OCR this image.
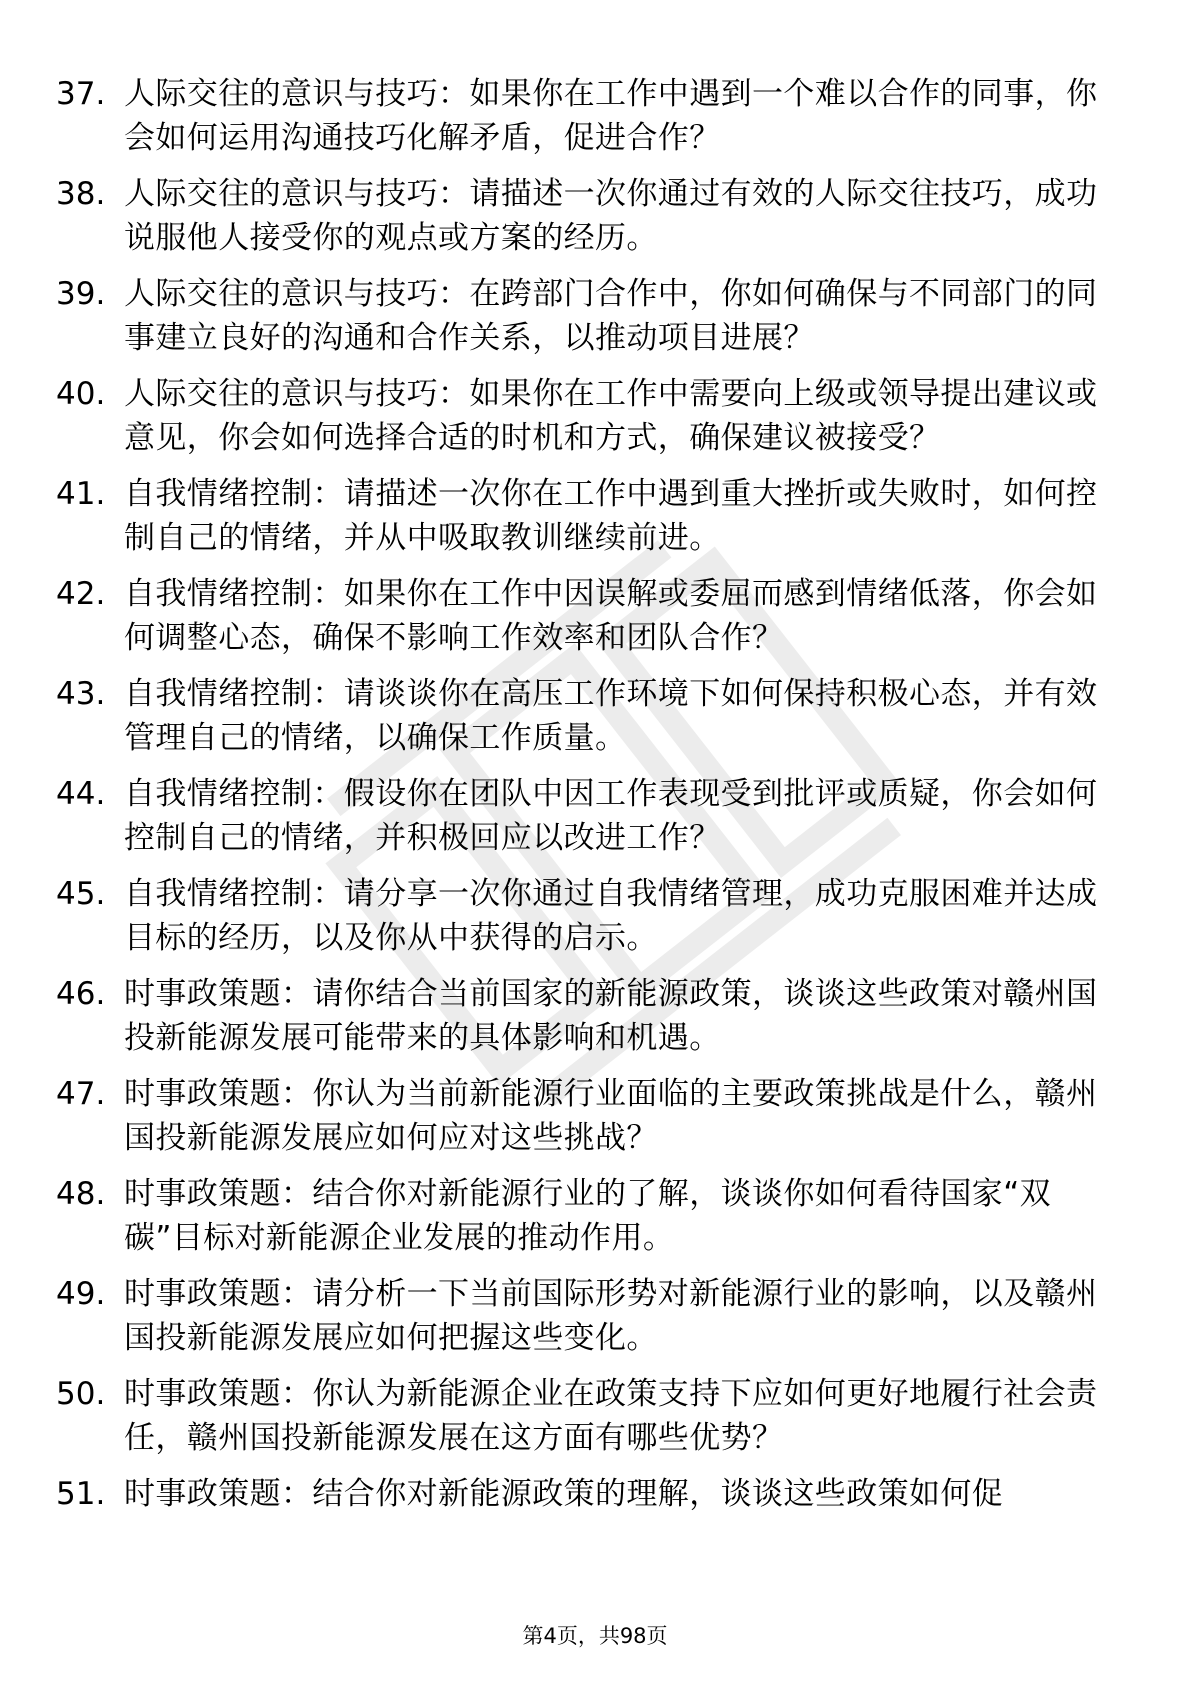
37. 人际交往的意识与技巧：如果你在工作中遇到一个难以合作的同事，你会如何运用沟通技巧化解矛盾，促进合作？
38. 人际交往的意识与技巧：请描述一次你通过有效的人际交往技巧，成功说服他人接受你的观点或方案的经历。
39. 人际交往的意识与技巧：在跨部门合作中，你如何确保与不同部门的同事建立良好的沟通和合作关系，以推动项目进展？
40. 人际交往的意识与技巧：如果你在工作中需要向上级或领导提出建议或意见，你会如何选择合适的时机和方式，确保建议被接受？
41. 自我情绪控制：请描述一次你在工作中遇到重大挫折或失败时，如何控制自己的情绪，并从中吸取教训继续前进。
42. 自我情绪控制：如果你在工作中因误解或委屈而感到情绪低落，你会如何调整心态，确保不影响工作效率和团队合作？
43. 自我情绪控制：请谈谈你在高压工作环境下如何保持积极心态，并有效管理自己的情绪，以确保工作质量。
44. 自我情绪控制：假设你在团队中因工作表现受到批评或质疑，你会如何控制自己的情绪，并积极回应以改进工作？
45. 自我情绪控制：请分享一次你通过自我情绪管理，成功克服困难并达成目标的经历，以及你从中获得的启示。
46. 时事政策题：请你结合当前国家的新能源政策，谈谈这些政策对赣州国投新能源发展可能带来的具体影响和机遇。
47. 时事政策题：你认为当前新能源行业面临的主要政策挑战是什么，赣州国投新能源发展应如何应对这些挑战？
48. 时事政策题：结合你对新能源行业的了解，谈谈你如何看待国家“双碳”目标对新能源企业发展的推动作用。
49. 时事政策题：请分析一下当前国际形势对新能源行业的影响，以及赣州国投新能源发展应如何把握这些变化。
50. 时事政策题：你认为新能源企业在政策支持下应如何更好地履行社会责任，赣州国投新能源发展在这方面有哪些优势？
51. 时事政策题：结合你对新能源政策的理解，谈谈这些政策如何促
第4页，共98页
